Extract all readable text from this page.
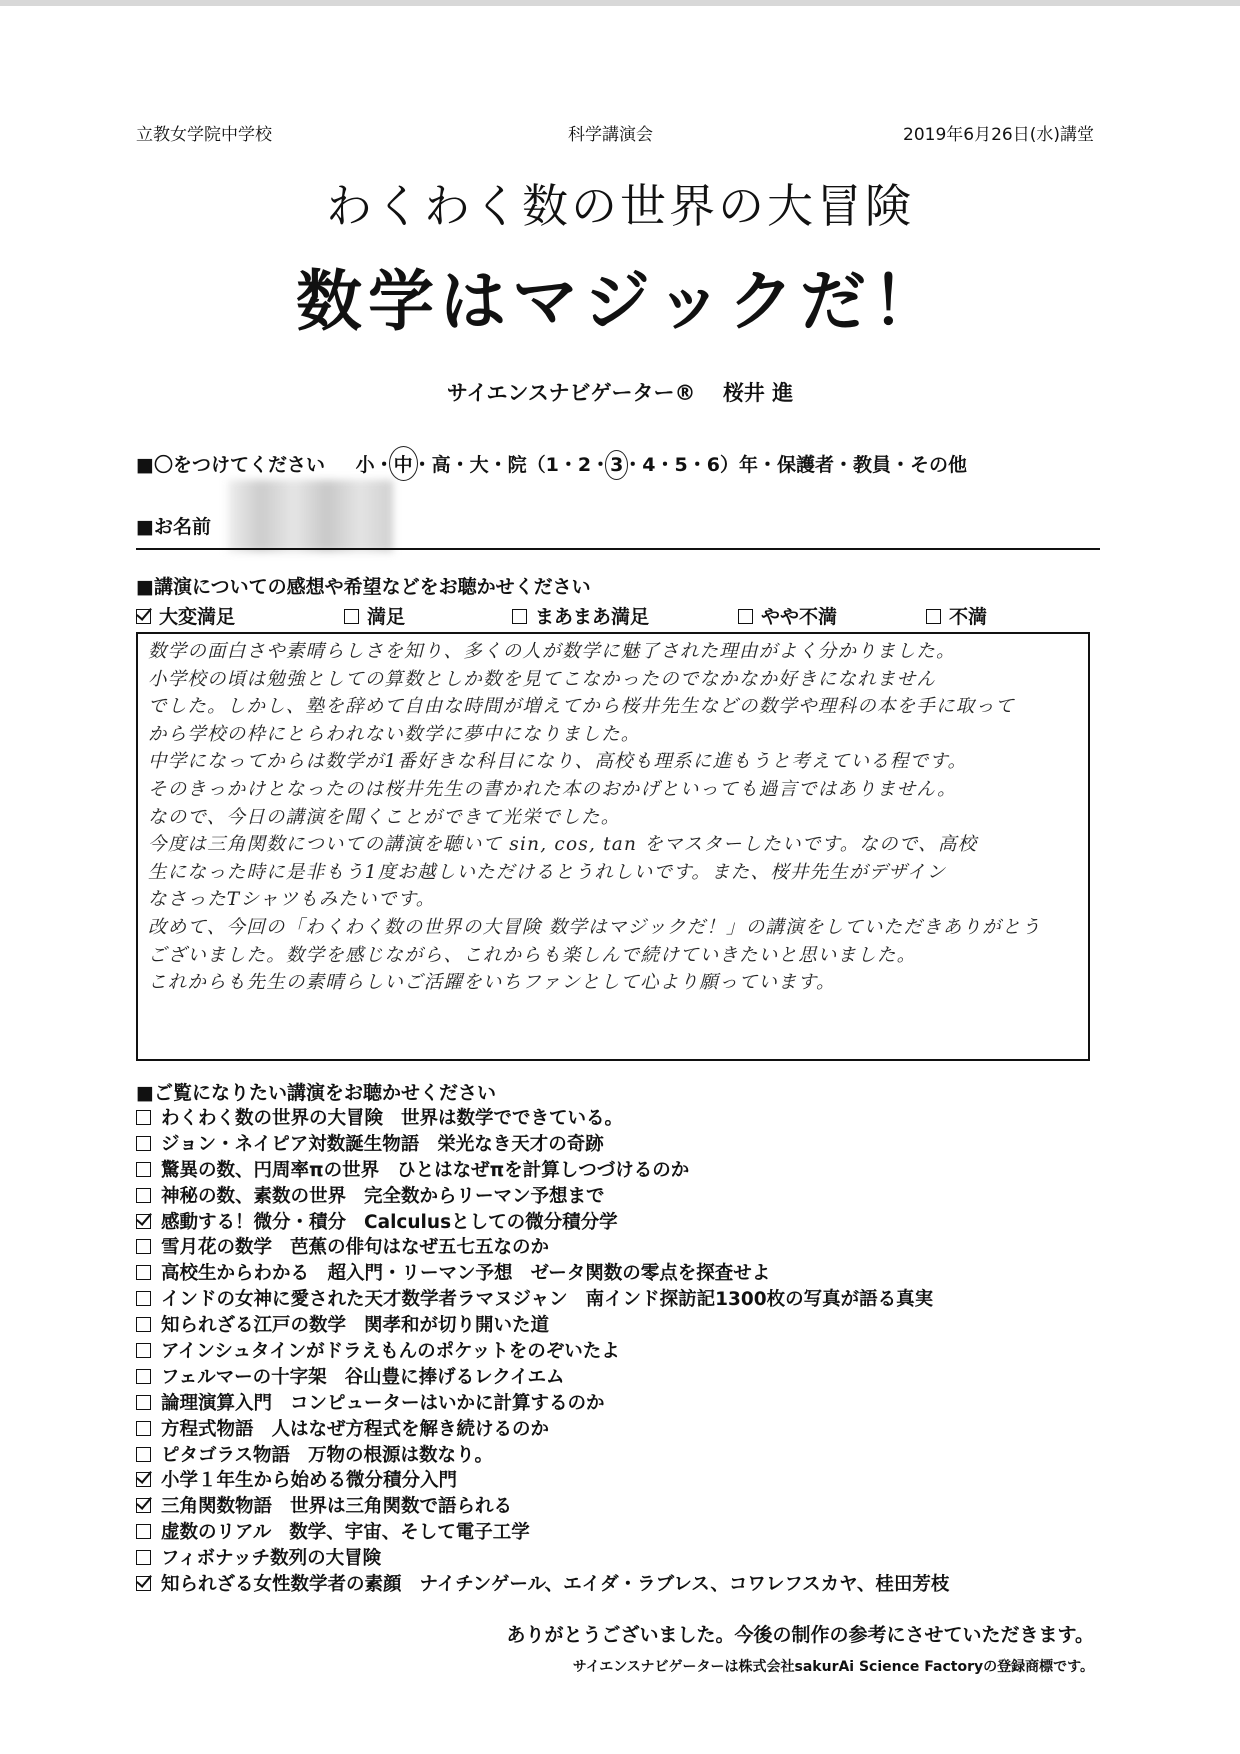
立教女学院中学校	科学講演会	2019年6月26日(水)講堂
わくわく数の世界の大冒険
数学はマジックだ！
サイエンスナビゲーター® 桜井 進
■〇をつけてください 小・中・高・大・院（1・2・3・4・5・6）年・保護者・教員・その他
■お名前
■講演についての感想や希望などをお聴かせください
大変満足	満足	まあまあ満足	やや不満	不満
数学の面白さや素晴らしさを知り、多くの人が数学に魅了された理由がよく分かりました。
小学校の頃は勉強としての算数としか数を見てこなかったのでなかなか好きになれません
でした。しかし、塾を辞めて自由な時間が増えてから桜井先生などの数学や理科の本を手に取って
から学校の枠にとらわれない数学に夢中になりました。
中学になってからは数学が1番好きな科目になり、高校も理系に進もうと考えている程です。
そのきっかけとなったのは桜井先生の書かれた本のおかげといっても過言ではありません。
なので、今日の講演を聞くことができて光栄でした。
今度は三角関数についての講演を聴いて sin, cos, tan をマスターしたいです。なので、高校
生になった時に是非もう1度お越しいただけるとうれしいです。また、桜井先生がデザイン
なさったTシャツもみたいです。
改めて、今回の「わくわく数の世界の大冒険 数学はマジックだ！」の講演をしていただきありがとう
ございました。数学を感じながら、これからも楽しんで続けていきたいと思いました。
これからも先生の素晴らしいご活躍をいちファンとして心より願っています。
■ご覧になりたい講演をお聴かせください
わくわく数の世界の大冒険 世界は数学でできている。
ジョン・ネイピア対数誕生物語 栄光なき天才の奇跡
驚異の数、円周率πの世界 ひとはなぜπを計算しつづけるのか
神秘の数、素数の世界 完全数からリーマン予想まで
感動する！微分・積分 Calculusとしての微分積分学
雪月花の数学 芭蕉の俳句はなぜ五七五なのか
高校生からわかる　超入門・リーマン予想 ゼータ関数の零点を探査せよ
インドの女神に愛された天才数学者ラマヌジャン 南インド探訪記1300枚の写真が語る真実
知られざる江戸の数学 関孝和が切り開いた道
アインシュタインがドラえもんのポケットをのぞいたよ
フェルマーの十字架 谷山豊に捧げるレクイエム
論理演算入門 コンピューターはいかに計算するのか
方程式物語 人はなぜ方程式を解き続けるのか
ピタゴラス物語 万物の根源は数なり。
小学１年生から始める微分積分入門
三角関数物語 世界は三角関数で語られる
虚数のリアル 数学、宇宙、そして電子工学
フィボナッチ数列の大冒険
知られざる女性数学者の素顔 ナイチンゲール、エイダ・ラブレス、コワレフスカヤ、桂田芳枝
ありがとうございました。今後の制作の参考にさせていただきます。
サイエンスナビゲーターは株式会社sakurAi Science Factoryの登録商標です。
